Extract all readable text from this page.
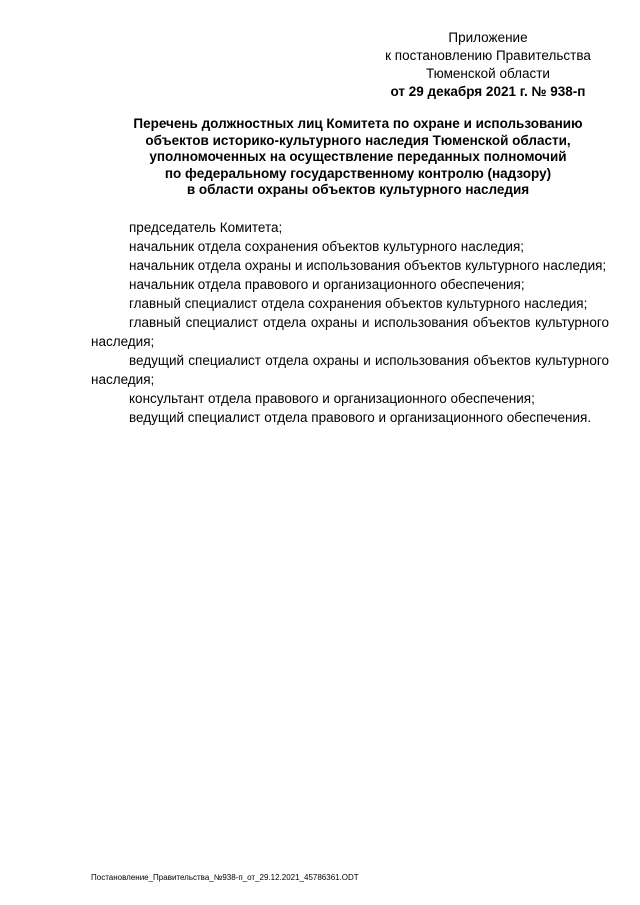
Приложение
к постановлению Правительства
Тюменской области
от 29 декабря 2021 г. № 938-п
Перечень должностных лиц Комитета по охране и использованию
объектов историко-культурного наследия Тюменской области,
уполномоченных на осуществление переданных полномочий
по федеральному государственному контролю (надзору)
в области охраны объектов культурного наследия

председатель Комитета;

начальник отдела сохранения объектов культурного наследия;

начальник отдела охраны и использования объектов культурного наследия;

начальник отдела правового и организационного обеспечения;

главный специалист отдела сохранения объектов культурного наследия;

главный специалист отдела охраны и использования объектов культурного наследия;

ведущий специалист отдела охраны и использования объектов культурного наследия;

консультант отдела правового и организационного обеспечения;

ведущий специалист отдела правового и организационного обеспечения.

Постановление_Правительства_№938-п_от_29.12.2021_45786361.ODT
